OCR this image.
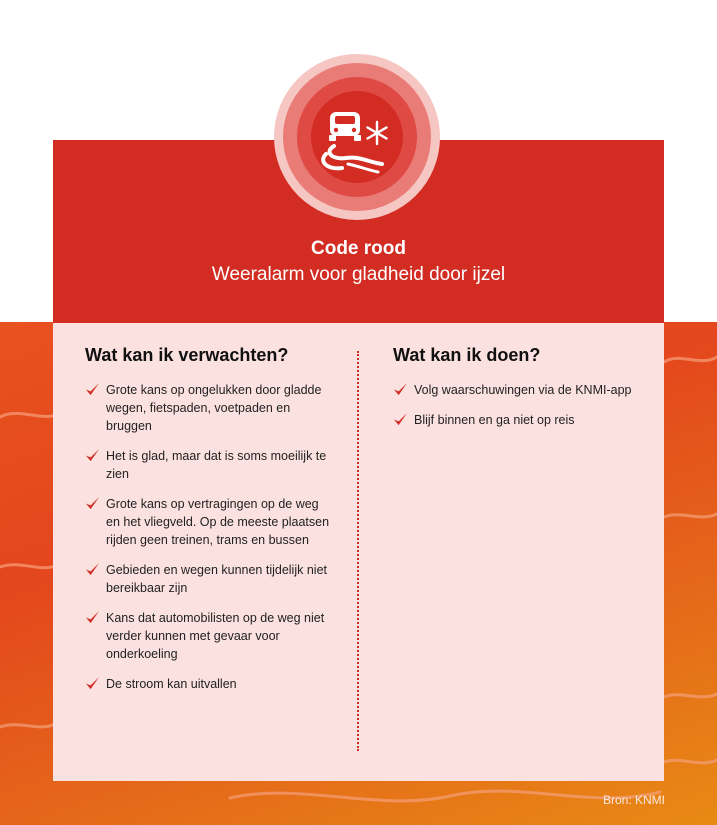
Code rood
Weeralarm voor gladheid door ijzel
Wat kan ik verwachten?
Grote kans op ongelukken door gladde wegen, fietspaden, voetpaden en bruggen
Het is glad, maar dat is soms moeilijk te zien
Grote kans op vertragingen op de weg en het vliegveld. Op de meeste plaatsen rijden geen treinen, trams en bussen
Gebieden en wegen kunnen tijdelijk niet bereikbaar zijn
Kans dat automobilisten op de weg niet verder kunnen met gevaar voor onderkoeling
De stroom kan uitvallen
Wat kan ik doen?
Volg waarschuwingen via de KNMI-app
Blijf binnen en ga niet op reis
Bron: KNMI
